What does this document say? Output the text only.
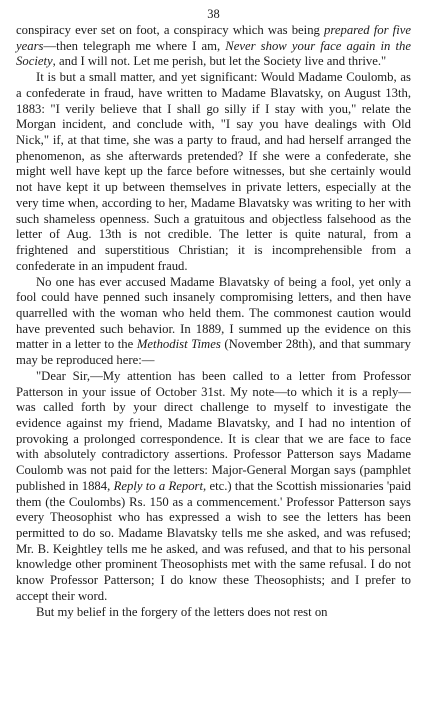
38

conspiracy ever set on foot, a conspiracy which was being prepared for five years—then telegraph me where I am, Never show your face again in the Society, and I will not. Let me perish, but let the Society live and thrive."

It is but a small matter, and yet significant: Would Madame Coulomb, as a confederate in fraud, have written to Madame Blavatsky, on August 13th, 1883: "I verily believe that I shall go silly if I stay with you," relate the Morgan incident, and conclude with, "I say you have dealings with Old Nick," if, at that time, she was a party to fraud, and had herself arranged the phenomenon, as she afterwards pretended? If she were a confederate, she might well have kept up the farce before witnesses, but she certainly would not have kept it up between themselves in private letters, especially at the very time when, according to her, Madame Blavatsky was writing to her with such shameless openness. Such a gratuitous and objectless falsehood as the letter of Aug. 13th is not credible. The letter is quite natural, from a frightened and superstitious Christian; it is incomprehensible from a confederate in an impudent fraud.

No one has ever accused Madame Blavatsky of being a fool, yet only a fool could have penned such insanely compromising letters, and then have quarrelled with the woman who held them. The commonest caution would have prevented such behavior. In 1889, I summed up the evidence on this matter in a letter to the Methodist Times (November 28th), and that summary may be reproduced here:—

"Dear Sir,—My attention has been called to a letter from Professor Patterson in your issue of October 31st. My note—to which it is a reply—was called forth by your direct challenge to myself to investigate the evidence against my friend, Madame Blavatsky, and I had no intention of provoking a prolonged correspondence. It is clear that we are face to face with absolutely contradictory assertions. Professor Patterson says Madame Coulomb was not paid for the letters: Major-General Morgan says (pamphlet published in 1884, Reply to a Report, etc.) that the Scottish missionaries 'paid them (the Coulombs) Rs. 150 as a commencement.' Professor Patterson says every Theosophist who has expressed a wish to see the letters has been permitted to do so. Madame Blavatsky tells me she asked, and was refused; Mr. B. Keightley tells me he asked, and was refused, and that to his personal knowledge other prominent Theosophists met with the same refusal. I do not know Professor Patterson; I do know these Theosophists; and I prefer to accept their word.

But my belief in the forgery of the letters does not rest on
